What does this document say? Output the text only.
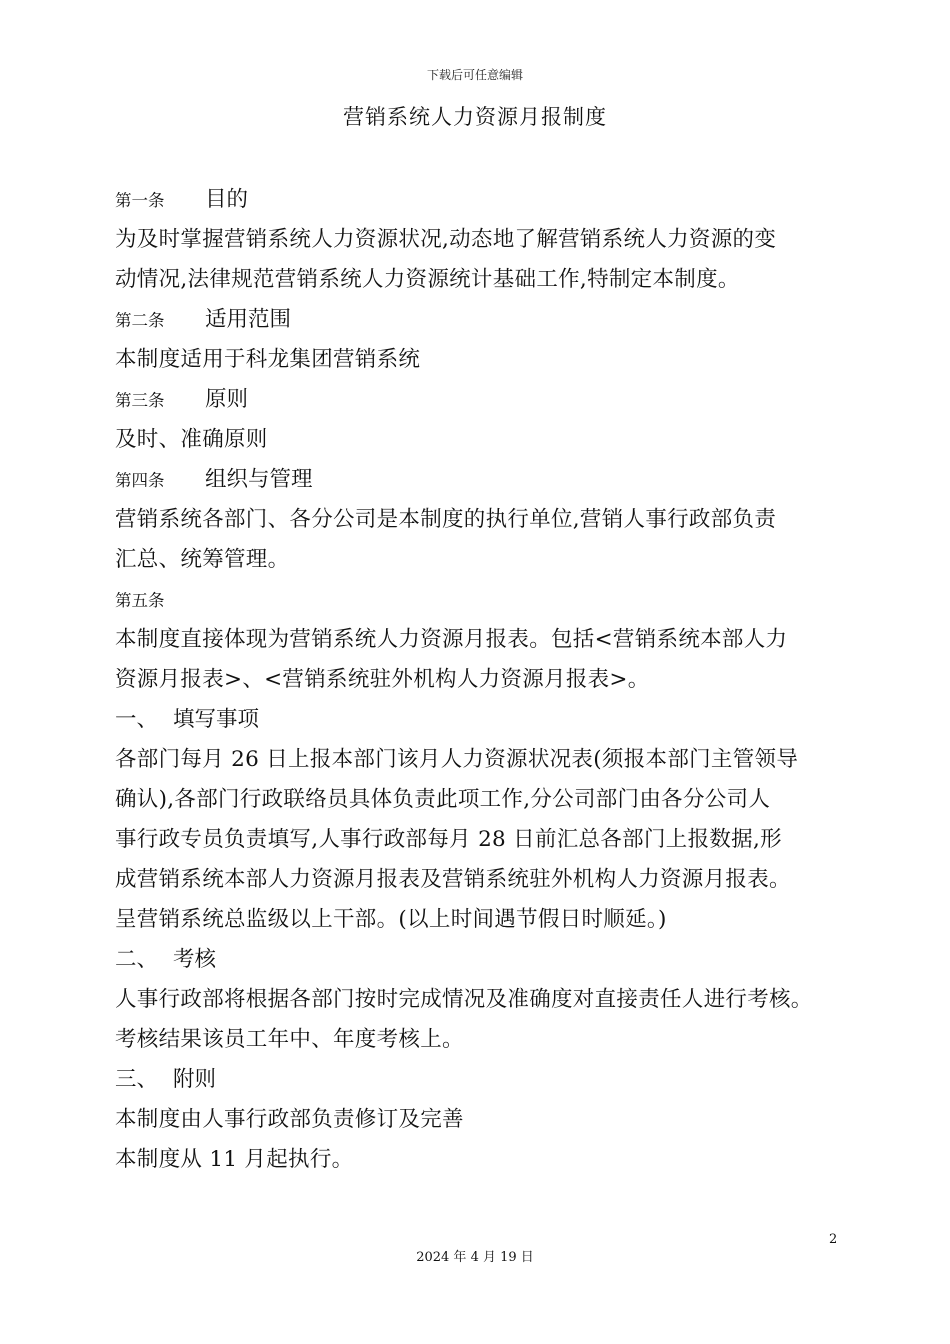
下载后可任意编辑
营销系统人力资源月报制度
第一条 目的
为及时掌握营销系统人力资源状况,动态地了解营销系统人力资源的变
动情况,法律规范营销系统人力资源统计基础工作,特制定本制度。
第二条 适用范围
本制度适用于科龙集团营销系统
第三条 原则
及时、准确原则
第四条 组织与管理
营销系统各部门、各分公司是本制度的执行单位,营销人事行政部负责
汇总、统筹管理。
第五条
本制度直接体现为营销系统人力资源月报表。包括<营销系统本部人力
资源月报表>、<营销系统驻外机构人力资源月报表>。
一、 填写事项
各部门每月 26 日上报本部门该月人力资源状况表(须报本部门主管领导
确认),各部门行政联络员具体负责此项工作,分公司部门由各分公司人
事行政专员负责填写,人事行政部每月 28 日前汇总各部门上报数据,形
成营销系统本部人力资源月报表及营销系统驻外机构人力资源月报表。
呈营销系统总监级以上干部。(以上时间遇节假日时顺延。)
二、 考核
人事行政部将根据各部门按时完成情况及准确度对直接责任人进行考核。
考核结果该员工年中、年度考核上。
三、 附则
本制度由人事行政部负责修订及完善
本制度从 11 月起执行。
2
2024 年 4 月 19 日
